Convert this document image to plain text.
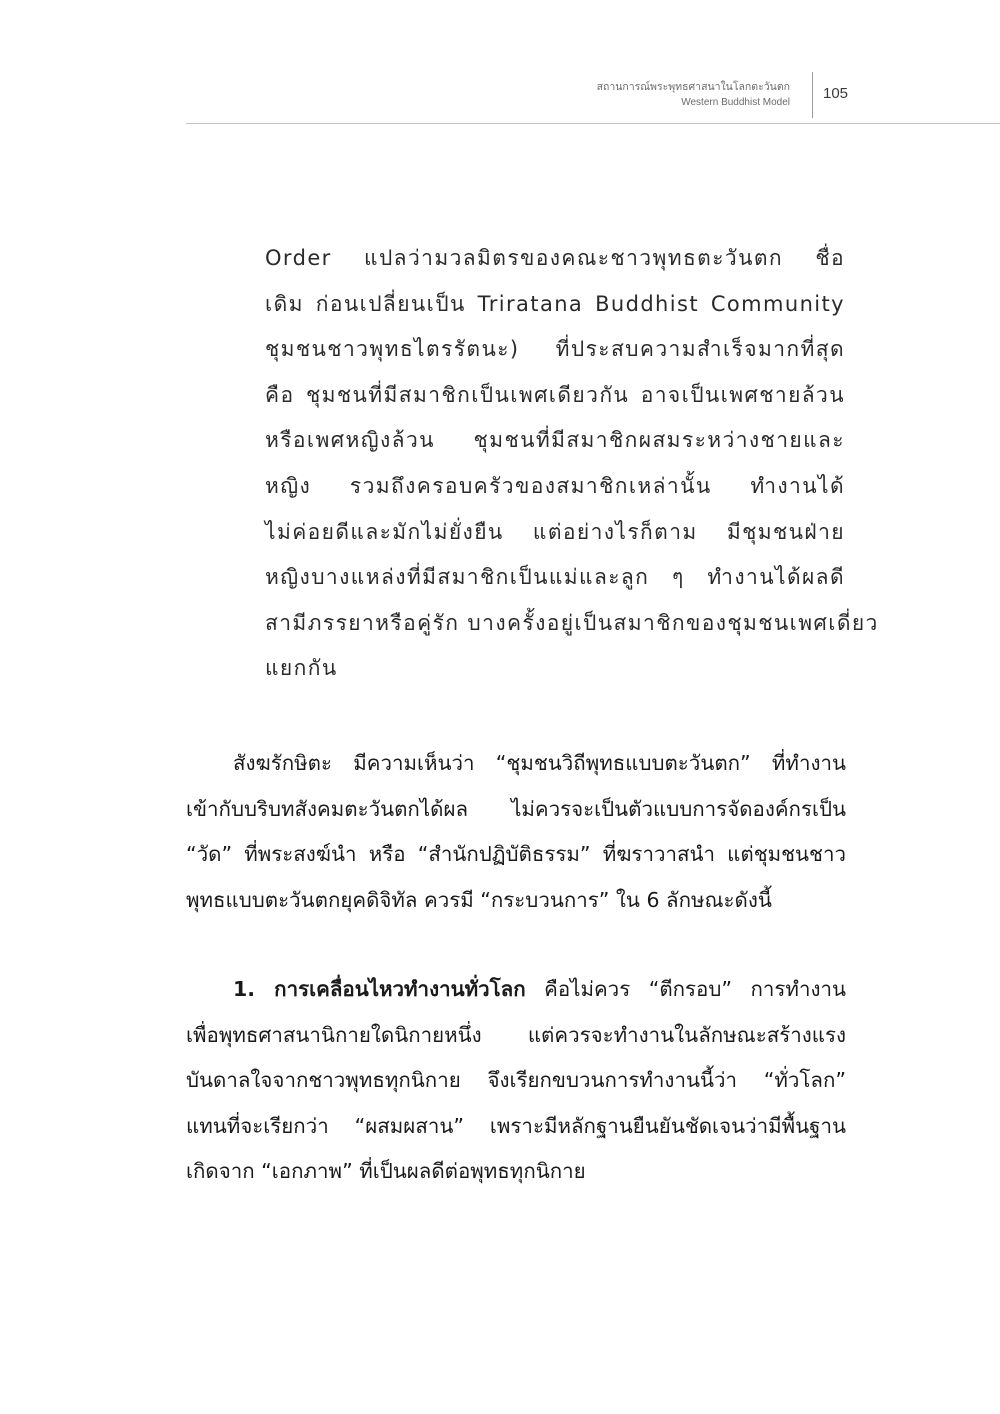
สถานการณ์พระพุทธศาสนาในโลกตะวันตก
Western Buddhist Model
105
Order แปลว่ามวลมิตรของคณะชาวพุทธตะวันตก ชื่อ
เดิม ก่อนเปลี่ยนเป็น Triratana Buddhist Community
ชุมชนชาวพุทธไตรรัตนะ) ที่ประสบความสำเร็จมากที่สุด
คือ ชุมชนที่มีสมาชิกเป็นเพศเดียวกัน อาจเป็นเพศชายล้วน
หรือเพศหญิงล้วน ชุมชนที่มีสมาชิกผสมระหว่างชายและ
หญิง รวมถึงครอบครัวของสมาชิกเหล่านั้น ทำงานได้
ไม่ค่อยดีและมักไม่ยั่งยืน แต่อย่างไรก็ตาม มีชุมชนฝ่าย
หญิงบางแหล่งที่มีสมาชิกเป็นแม่และลูก ๆ ทำงานได้ผลดี
สามีภรรยาหรือคู่รัก บางครั้งอยู่เป็นสมาชิกของชุมชนเพศเดี่ยว
แยกกัน
สังฆรักษิตะ มีความเห็นว่า “ชุมชนวิถีพุทธแบบตะวันตก” ที่ทำงาน
เข้ากับบริบทสังคมตะวันตกได้ผล ไม่ควรจะเป็นตัวแบบการจัดองค์กรเป็น
“วัด” ที่พระสงฆ์นำ หรือ “สำนักปฏิบัติธรรม” ที่ฆราวาสนำ แต่ชุมชนชาว
พุทธแบบตะวันตกยุคดิจิทัล ควรมี “กระบวนการ” ใน 6 ลักษณะดังนี้
1. การเคลื่อนไหวทำงานทั่วโลก คือไม่ควร “ตีกรอบ” การทำงาน
เพื่อพุทธศาสนานิกายใดนิกายหนึ่ง แต่ควรจะทำงานในลักษณะสร้างแรง
บันดาลใจจากชาวพุทธทุกนิกาย จึงเรียกขบวนการทำงานนี้ว่า “ทั่วโลก”
แทนที่จะเรียกว่า “ผสมผสาน” เพราะมีหลักฐานยืนยันชัดเจนว่ามีพื้นฐาน
เกิดจาก “เอกภาพ” ที่เป็นผลดีต่อพุทธทุกนิกาย
